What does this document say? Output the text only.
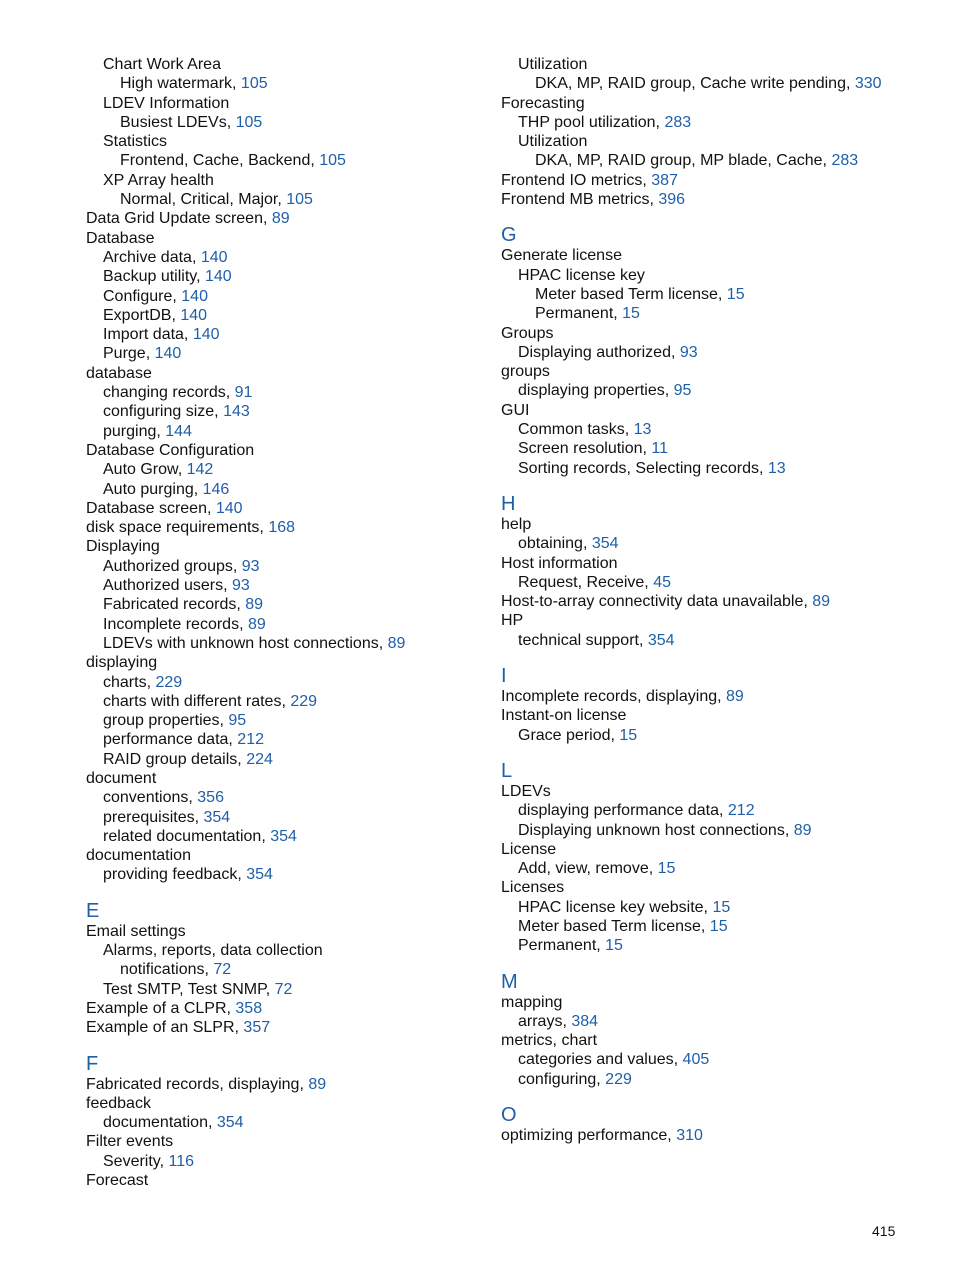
Chart Work Area
High watermark, 105
LDEV Information
Busiest LDEVs, 105
Statistics
Frontend, Cache, Backend, 105
XP Array health
Normal, Critical, Major, 105
Data Grid Update screen, 89
Database
Archive data, 140
Backup utility, 140
Configure, 140
ExportDB, 140
Import data, 140
Purge, 140
database
changing records, 91
configuring size, 143
purging, 144
Database Configuration
Auto Grow, 142
Auto purging, 146
Database screen, 140
disk space requirements, 168
Displaying
Authorized groups, 93
Authorized users, 93
Fabricated records, 89
Incomplete records, 89
LDEVs with unknown host connections, 89
displaying
charts, 229
charts with different rates, 229
group properties, 95
performance data, 212
RAID group details, 224
document
conventions, 356
prerequisites, 354
related documentation, 354
documentation
providing feedback, 354
E
Email settings
Alarms, reports, data collection
notifications, 72
Test SMTP, Test SNMP, 72
Example of a CLPR, 358
Example of an SLPR, 357
F
Fabricated records, displaying, 89
feedback
documentation, 354
Filter events
Severity, 116
Forecast
Utilization
DKA, MP, RAID group, Cache write pending, 330
Forecasting
THP pool utilization, 283
Utilization
DKA, MP, RAID group, MP blade, Cache, 283
Frontend IO metrics, 387
Frontend MB metrics, 396
G
Generate license
HPAC license key
Meter based Term license, 15
Permanent, 15
Groups
Displaying authorized, 93
groups
displaying properties, 95
GUI
Common tasks, 13
Screen resolution, 11
Sorting records, Selecting records, 13
H
help
obtaining, 354
Host information
Request, Receive, 45
Host-to-array connectivity data unavailable, 89
HP
technical support, 354
I
Incomplete records, displaying, 89
Instant-on license
Grace period, 15
L
LDEVs
displaying performance data, 212
Displaying unknown host connections, 89
License
Add, view, remove, 15
Licenses
HPAC license key website, 15
Meter based Term license, 15
Permanent, 15
M
mapping
arrays, 384
metrics, chart
categories and values, 405
configuring, 229
O
optimizing performance, 310
415
